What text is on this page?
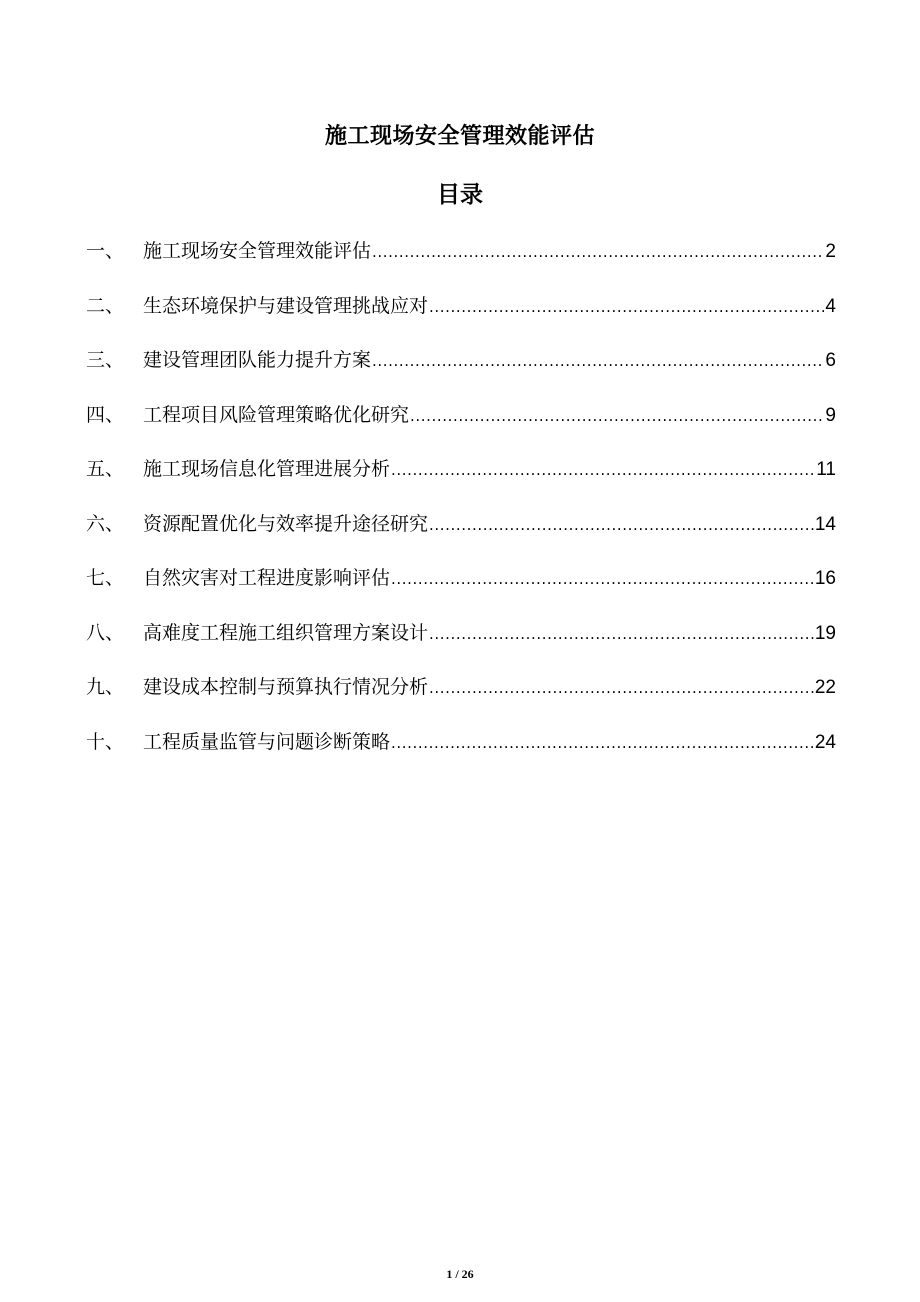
施工现场安全管理效能评估
目录
一、 施工现场安全管理效能评估 .....	2
二、 生态环境保护与建设管理挑战应对 .....	4
三、 建设管理团队能力提升方案 .....	6
四、 工程项目风险管理策略优化研究 .....	9
五、 施工现场信息化管理进展分析 .....	11
六、 资源配置优化与效率提升途径研究 .....	14
七、 自然灾害对工程进度影响评估 .....	16
八、 高难度工程施工组织管理方案设计 .....	19
九、 建设成本控制与预算执行情况分析 .....	22
十、 工程质量监管与问题诊断策略 .....	24
1 / 26
